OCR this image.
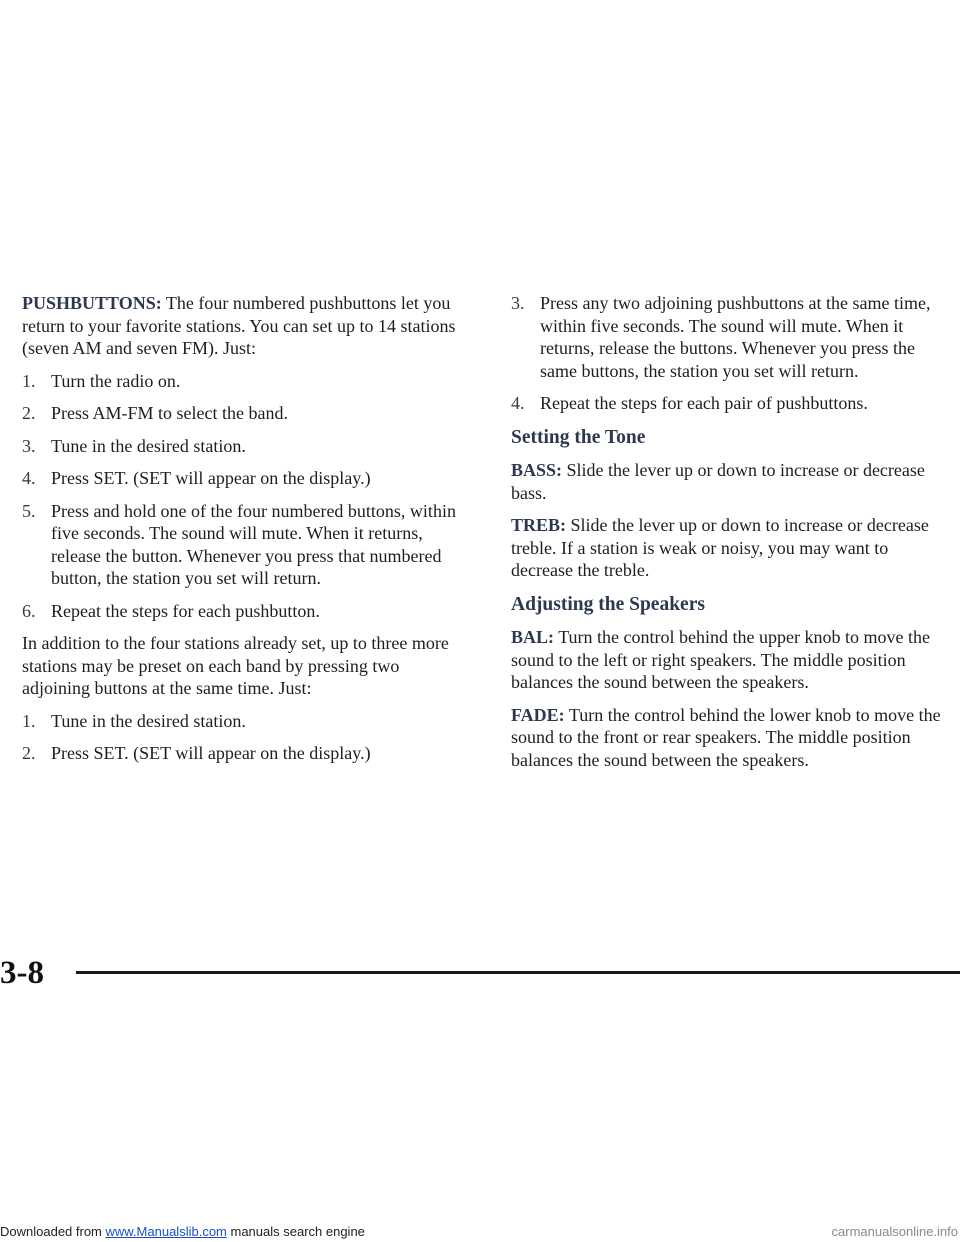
PUSHBUTTONS: The four numbered pushbuttons let you return to your favorite stations. You can set up to 14 stations (seven AM and seven FM). Just:

1. Turn the radio on.
2. Press AM-FM to select the band.
3. Tune in the desired station.
4. Press SET. (SET will appear on the display.)
5. Press and hold one of the four numbered buttons, within five seconds. The sound will mute. When it returns, release the button. Whenever you press that numbered button, the station you set will return.
6. Repeat the steps for each pushbutton.

In addition to the four stations already set, up to three more stations may be preset on each band by pressing two adjoining buttons at the same time. Just:

1. Tune in the desired station.
2. Press SET. (SET will appear on the display.)
3. Press any two adjoining pushbuttons at the same time, within five seconds. The sound will mute. When it returns, release the buttons. Whenever you press the same buttons, the station you set will return.
4. Repeat the steps for each pair of pushbuttons.
Setting the Tone

BASS: Slide the lever up or down to increase or decrease bass.

TREB: Slide the lever up or down to increase or decrease treble. If a station is weak or noisy, you may want to decrease the treble.

Adjusting the Speakers

BAL: Turn the control behind the upper knob to move the sound to the left or right speakers. The middle position balances the sound between the speakers.

FADE: Turn the control behind the lower knob to move the sound to the front or rear speakers. The middle position balances the sound between the speakers.

3-8
Downloaded from www.Manualslib.com manuals search engine	carmanualsonline.info
